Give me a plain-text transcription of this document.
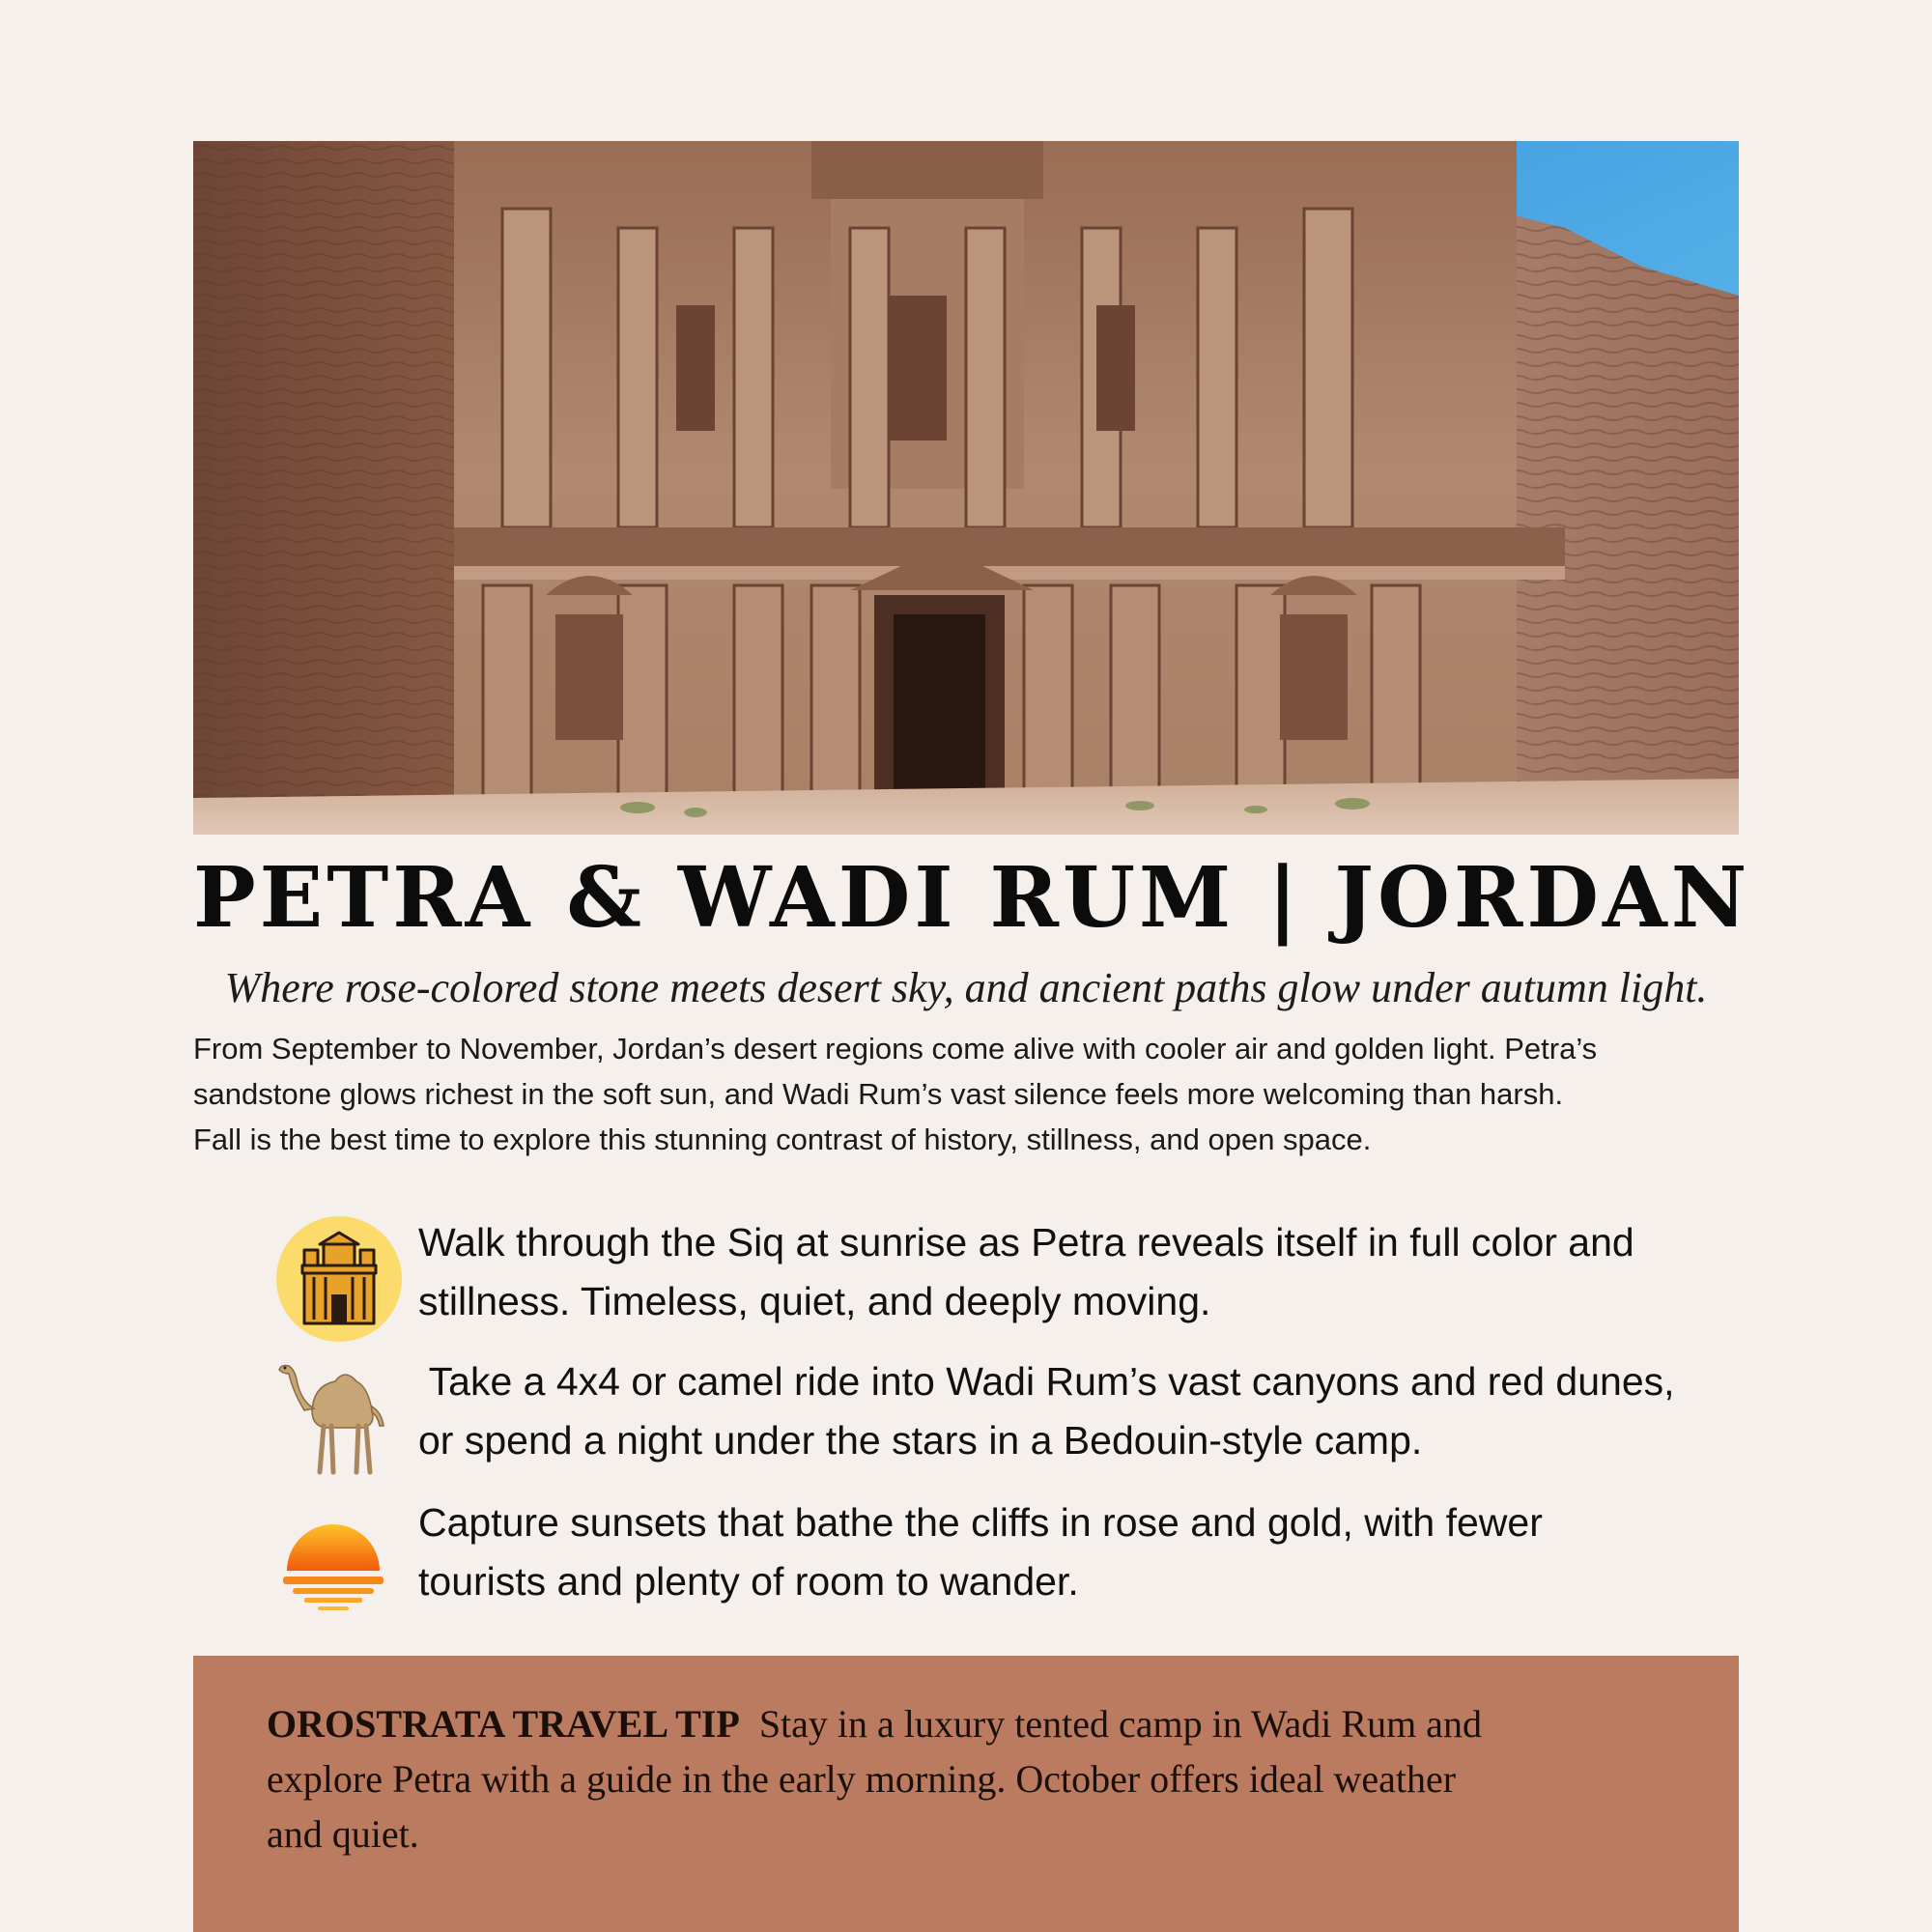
PETRA & WADI RUM | JORDAN
Where rose-colored stone meets desert sky, and ancient paths glow under autumn light.
From September to November, Jordan’s desert regions come alive with cooler air and golden light. Petra’s
sandstone glows richest in the soft sun, and Wadi Rum’s vast silence feels more welcoming than harsh.
Fall is the best time to explore this stunning contrast of history, stillness, and open space.
Walk through the Siq at sunrise as Petra reveals itself in full color and
stillness. Timeless, quiet, and deeply moving.
Take a 4x4 or camel ride into Wadi Rum’s vast canyons and red dunes,
or spend a night under the stars in a Bedouin-style camp.
Capture sunsets that bathe the cliffs in rose and gold, with fewer
tourists and plenty of room to wander.
OROSTRATA TRAVEL TIP  Stay in a luxury tented camp in Wadi Rum and
explore Petra with a guide in the early morning. October offers ideal weather
and quiet.
